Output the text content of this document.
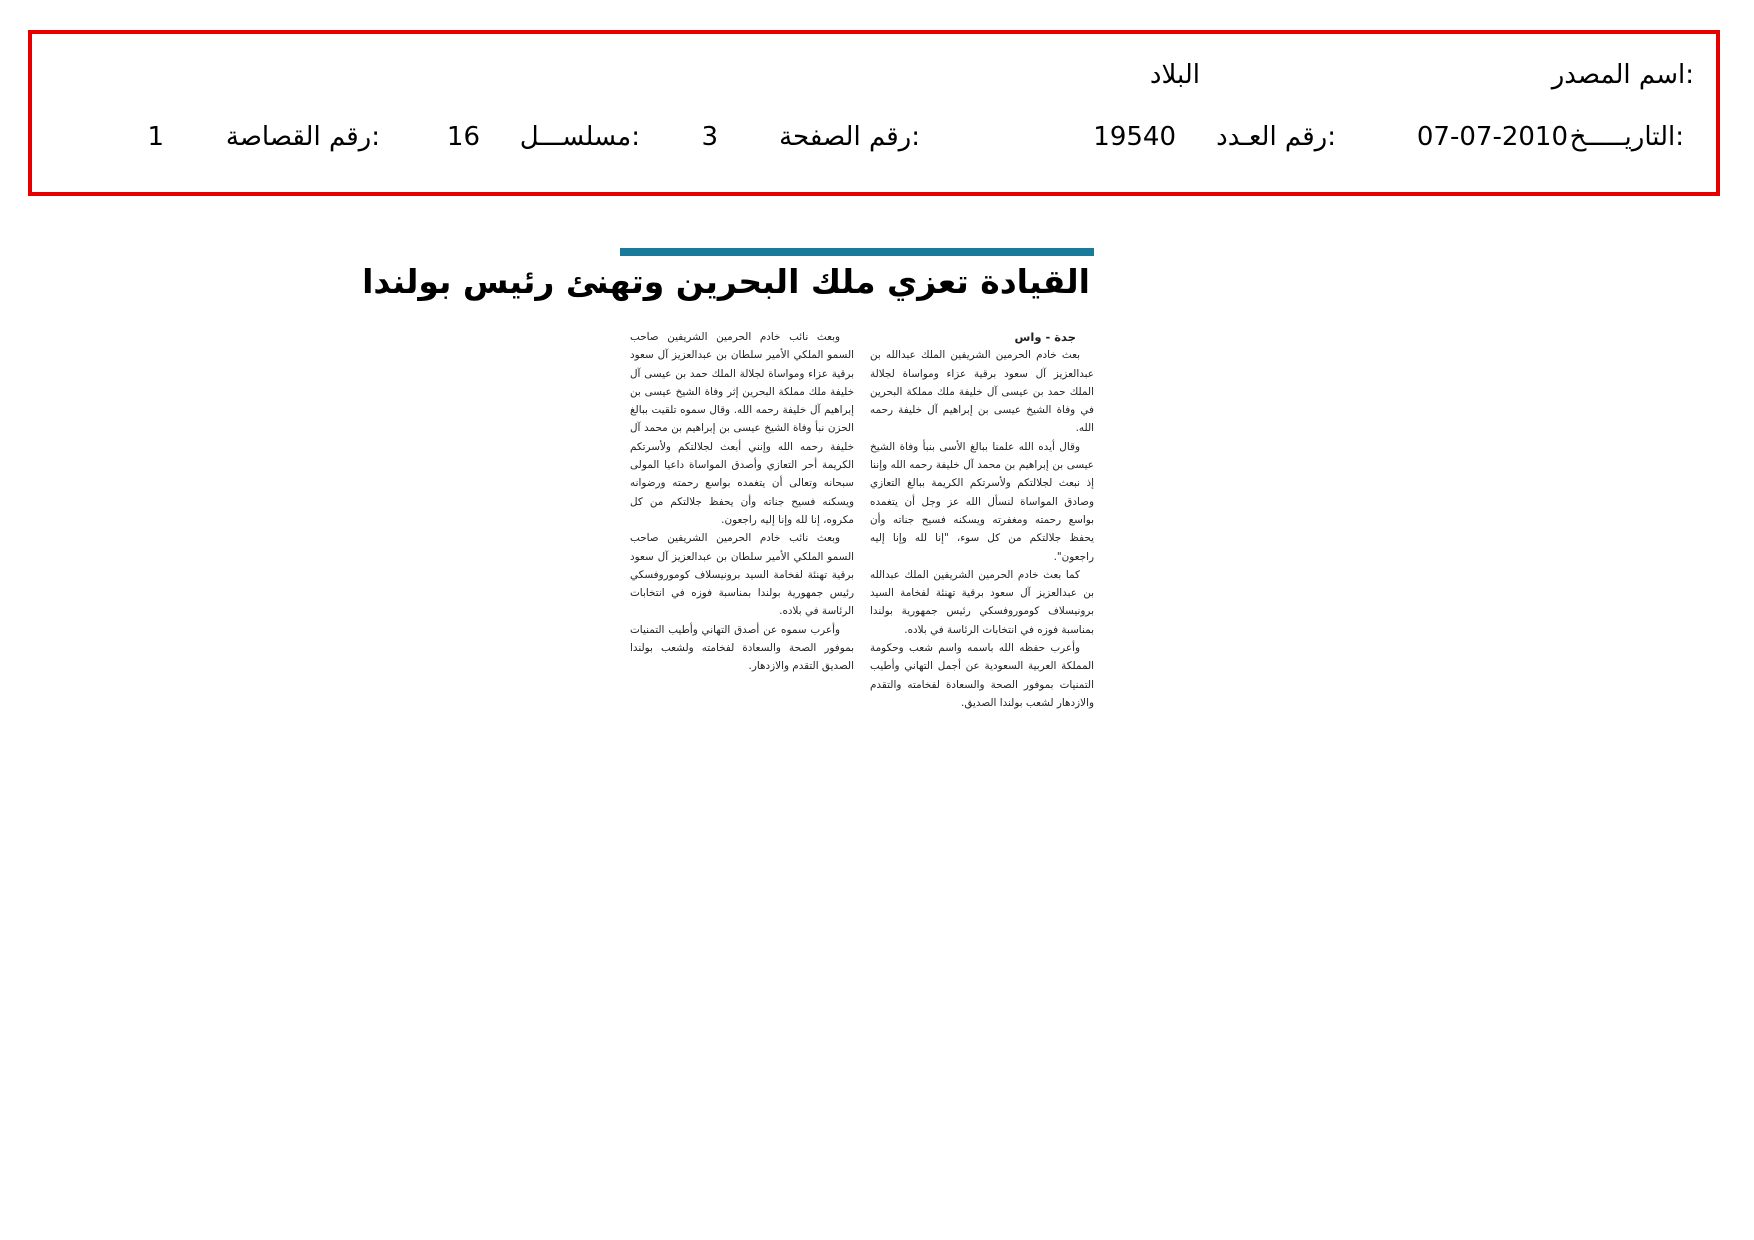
اسم المصدر:
البلاد
التاريـــــخ:
07-07-2010
رقم العـدد:
19540
رقم الصفحة:
3
مسلســـل:
16
رقم القصاصة:
1
القيادة تعزي ملك البحرين وتهنئ رئيس بولندا

جدة - واس

بعث خادم الحرمين الشريفين الملك عبدالله بن عبدالعزيز آل سعود برقية عزاء ومواساة لجلالة الملك حمد بن عيسى آل خليفة ملك مملكة البحرين في وفاة الشيخ عيسى بن إبراهيم آل خليفة رحمه الله.

وقال أيده الله علمنا ببالغ الأسى بنبأ وفاة الشيخ عيسى بن إبراهيم بن محمد آل خليفة رحمه الله وإننا إذ نبعث لجلالتكم ولأسرتكم الكريمة ببالغ التعازي وصادق المواساة لنسأل الله عز وجل أن يتغمده بواسع رحمته ومغفرته ويسكنه فسيح جناته وأن يحفظ جلالتكم من كل سوء، "إنا لله وإنا إليه راجعون".

كما بعث خادم الحرمين الشريفين الملك عبدالله بن عبدالعزيز آل سعود برقية تهنئة لفخامة السيد برونيسلاف كوموروفسكي رئيس جمهورية بولندا بمناسبة فوزه في انتخابات الرئاسة في بلاده.

وأعرب حفظه الله باسمه واسم شعب وحكومة المملكة العربية السعودية عن أجمل التهاني وأطيب التمنيات بموفور الصحة والسعادة لفخامته والتقدم والازدهار لشعب بولندا الصديق.

وبعث نائب خادم الحرمين الشريفين صاحب السمو الملكي الأمير سلطان بن عبدالعزيز آل سعود برقية عزاء ومواساة لجلالة الملك حمد بن عيسى آل خليفة ملك مملكة البحرين إثر وفاة الشيخ عيسى بن إبراهيم آل خليفة رحمه الله. وقال سموه تلقيت ببالغ الحزن نبأ وفاة الشيخ عيسى بن إبراهيم بن محمد آل خليفة رحمه الله وإنني أبعث لجلالتكم ولأسرتكم الكريمة أحر التعازي وأصدق المواساة داعيا المولى سبحانه وتعالى أن يتغمده بواسع رحمته ورضوانه ويسكنه فسيح جناته وأن يحفظ جلالتكم من كل مكروه، إنا لله وإنا إليه راجعون.

وبعث نائب خادم الحرمين الشريفين صاحب السمو الملكي الأمير سلطان بن عبدالعزيز آل سعود برقية تهنئة لفخامة السيد برونيسلاف كوموروفسكي رئيس جمهورية بولندا بمناسبة فوزه في انتخابات الرئاسة في بلاده.

وأعرب سموه عن أصدق التهاني وأطيب التمنيات بموفور الصحة والسعادة لفخامته ولشعب بولندا الصديق التقدم والازدهار.
